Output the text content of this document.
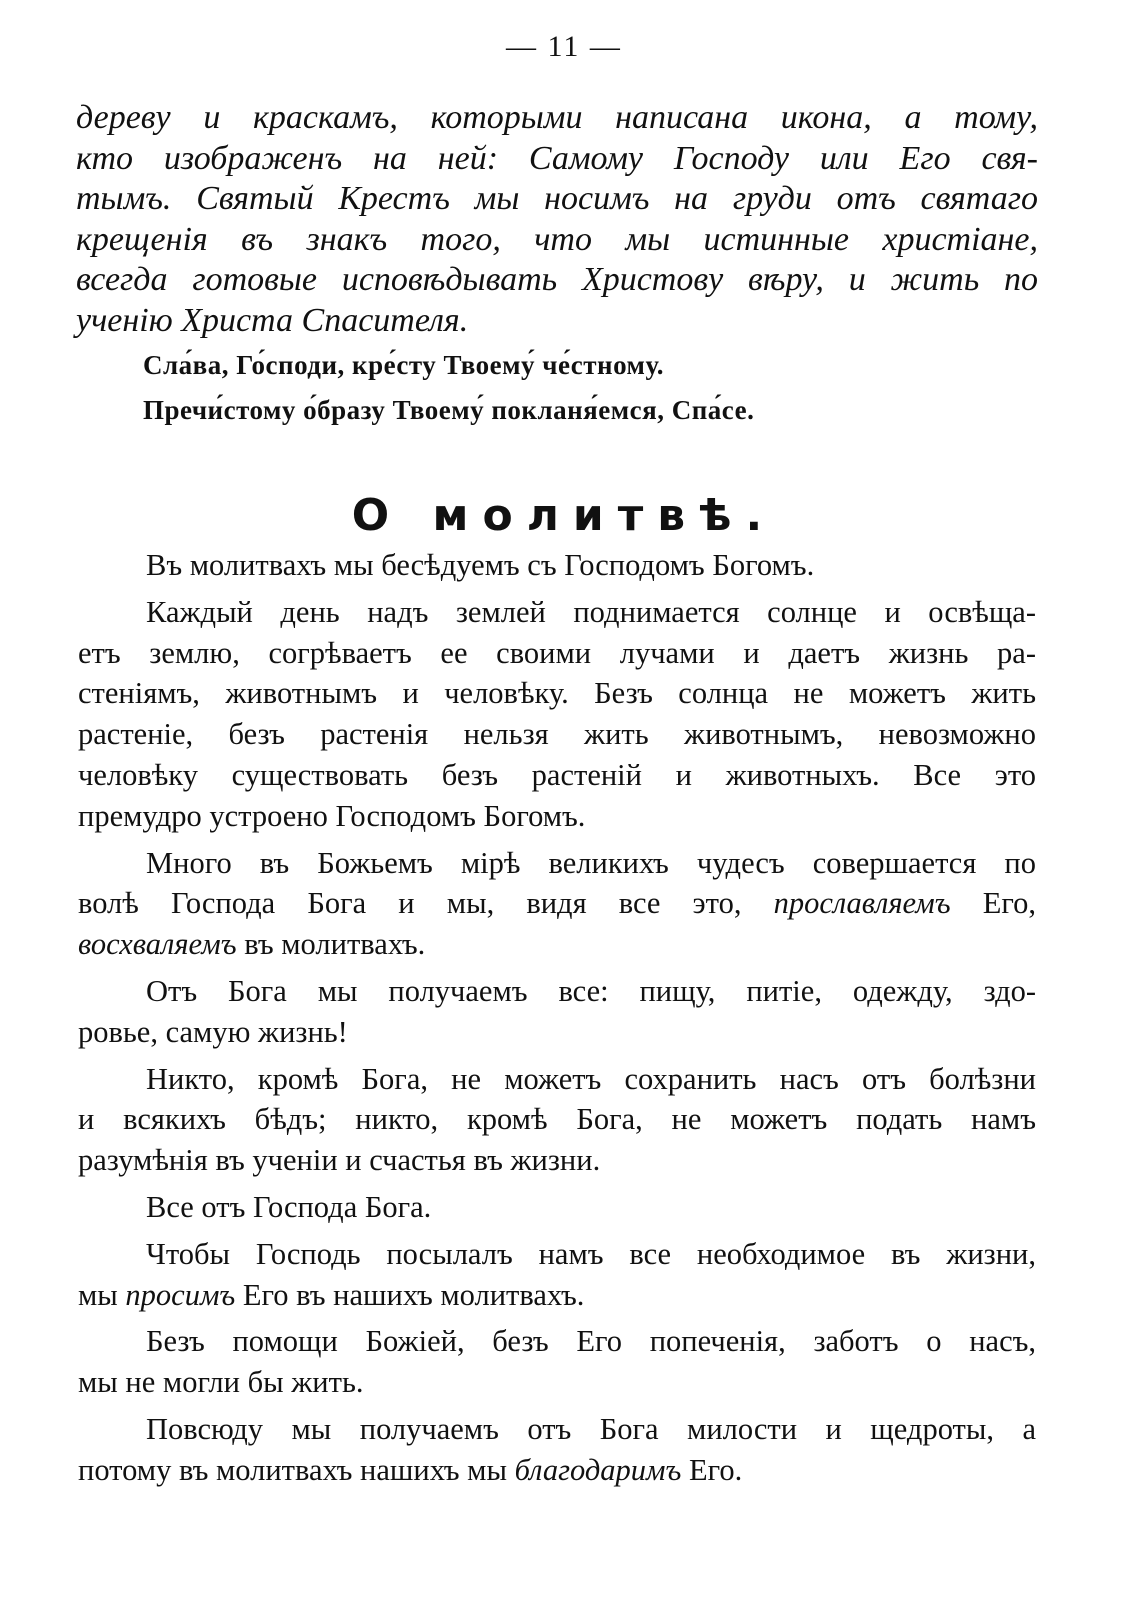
— 11 —
дереву и краскамъ, которыми написана икона, а тому,
кто изображенъ на ней: Самому Господу или Его свя-
тымъ. Святый Крестъ мы носимъ на груди отъ святаго
крещенія въ знакъ того, что мы истинные христіане,
всегда готовые исповѣдывать Христову вѣру, и жить по
ученію Христа Спасителя.
Сла́ва, Го́споди, кре́сту Твоему́ че́стному.
Пречи́стому о́бразу Твоему́ покланя́емся, Спа́се.
О молитвѣ.
Въ молитвахъ мы бесѣдуемъ съ Господомъ Богомъ.
Каждый день надъ землей поднимается солнце и освѣща-
етъ землю, согрѣваетъ ее своими лучами и даетъ жизнь ра-
стеніямъ, животнымъ и человѣку. Безъ солнца не можетъ жить
растеніе, безъ растенія нельзя жить животнымъ, невозможно
человѣку существовать безъ растеній и животныхъ. Все это
премудро устроено Господомъ Богомъ.
Много въ Божьемъ мірѣ великихъ чудесъ совершается по
волѣ Господа Бога и мы, видя все это, прославляемъ Его,
восхваляемъ въ молитвахъ.
Отъ Бога мы получаемъ все: пищу, питіе, одежду, здо-
ровье, самую жизнь!
Никто, кромѣ Бога, не можетъ сохранить насъ отъ болѣзни
и всякихъ бѣдъ; никто, кромѣ Бога, не можетъ подать намъ
разумѣнія въ ученіи и счастья въ жизни.
Все отъ Господа Бога.
Чтобы Господь посылалъ намъ все необходимое въ жизни,
мы просимъ Его въ нашихъ молитвахъ.
Безъ помощи Божіей, безъ Его попеченія, заботъ о насъ,
мы не могли бы жить.
Повсюду мы получаемъ отъ Бога милости и щедроты, а
потому въ молитвахъ нашихъ мы благодаримъ Его.
